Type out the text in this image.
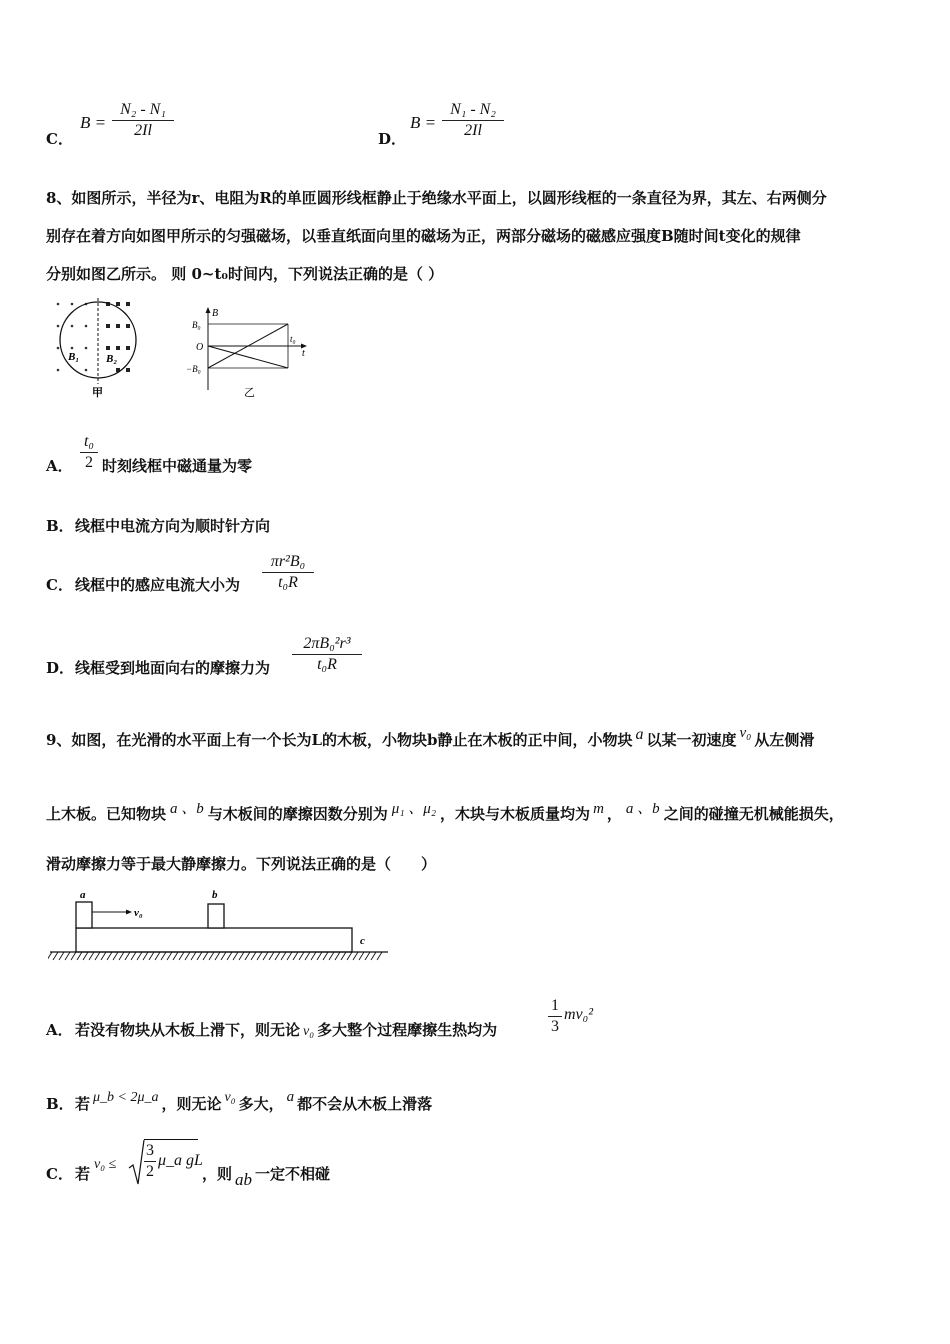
C．
B =
N₂ - N₁
2Il	D．
B =
N₁ - N₂
2Il
8、如图所示，半径为r、电阻为R的单匝圆形线框静止于绝缘水平面上，以圆形线框的一条直径为界，其左、右两侧分
别存在着方向如图甲所示的匀强磁场，以垂直纸面向里的磁场为正，两部分磁场的磁感应强度B随时间t变化的规律
分别如图乙所示。 则 0~t₀时间内，下列说法正确的是（ ）
B₁ B₂
甲
B
B₀
O
t₀
t
−B₀
乙
A．
t₀
2 时刻线框中磁通量为零
B． 线框中电流方向为顺时针方向
C． 线框中的感应电流大小为
πr²B₀
t₀R
D． 线框受到地面向右的摩擦力为
2πB₀²r³
t₀R
9、如图，在光滑的水平面上有一个长为L的木板，小物块b静止在木板的正中间，小物块 a 以某一初速度 v₀ 从左侧滑
上木板。已知物块 a 、b 与木板间的摩擦因数分别为 μ₁ 、μ₂ ，木块与木板质量均为 m ， a 、b 之间的碰撞无机械能损失，
滑动摩擦力等于最大静摩擦力。下列说法正确的是（　　）
a
v₀
b
c
A． 若没有物块从木板上滑下，则无论 v₀ 多大整个过程摩擦生热均为
1
3
mv₀²
B． 若 μ_b < 2μ_a ，则无论 v₀ 多大， a 都不会从木板上滑落
C． 若
v₀ ≤
3
2
μ_a gL
，则 ab 一定不相碰
